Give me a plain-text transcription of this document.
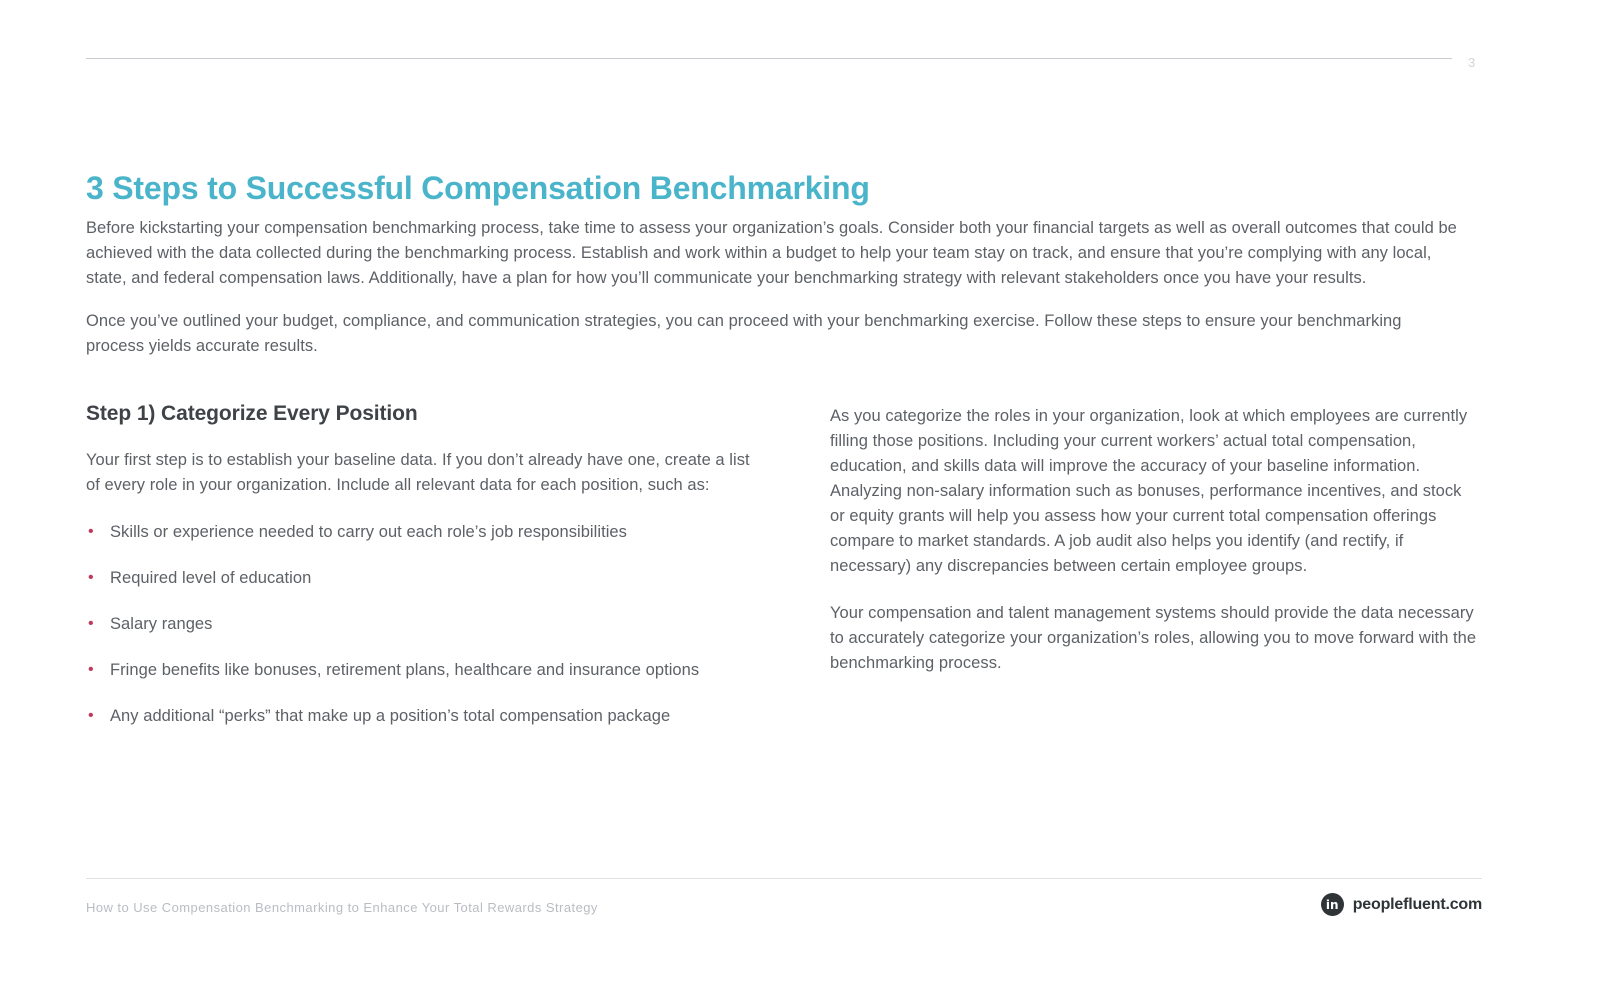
3
3 Steps to Successful Compensation Benchmarking

Before kickstarting your compensation benchmarking process, take time to assess your organization’s goals. Consider both your financial targets as well as overall outcomes that could be achieved with the data collected during the benchmarking process. Establish and work within a budget to help your team stay on track, and ensure that you’re complying with any local, state, and federal compensation laws. Additionally, have a plan for how you’ll communicate your benchmarking strategy with relevant stakeholders once you have your results.

Once you’ve outlined your budget, compliance, and communication strategies, you can proceed with your benchmarking exercise. Follow these steps to ensure your benchmarking process yields accurate results.

Step 1) Categorize Every Position

Your first step is to establish your baseline data. If you don’t already have one, create a list of every role in your organization. Include all relevant data for each position, such as:

• Skills or experience needed to carry out each role’s job responsibilities
• Required level of education
• Salary ranges
• Fringe benefits like bonuses, retirement plans, healthcare and insurance options
• Any additional “perks” that make up a position’s total compensation package

As you categorize the roles in your organization, look at which employees are currently filling those positions. Including your current workers’ actual total compensation, education, and skills data will improve the accuracy of your baseline information. Analyzing non-salary information such as bonuses, performance incentives, and stock or equity grants will help you assess how your current total compensation offerings compare to market standards. A job audit also helps you identify (and rectify, if necessary) any discrepancies between certain employee groups.

Your compensation and talent management systems should provide the data necessary to accurately categorize your organization’s roles, allowing you to move forward with the benchmarking process.

How to Use Compensation Benchmarking to Enhance Your Total Rewards Strategy	in peoplefluent.com
